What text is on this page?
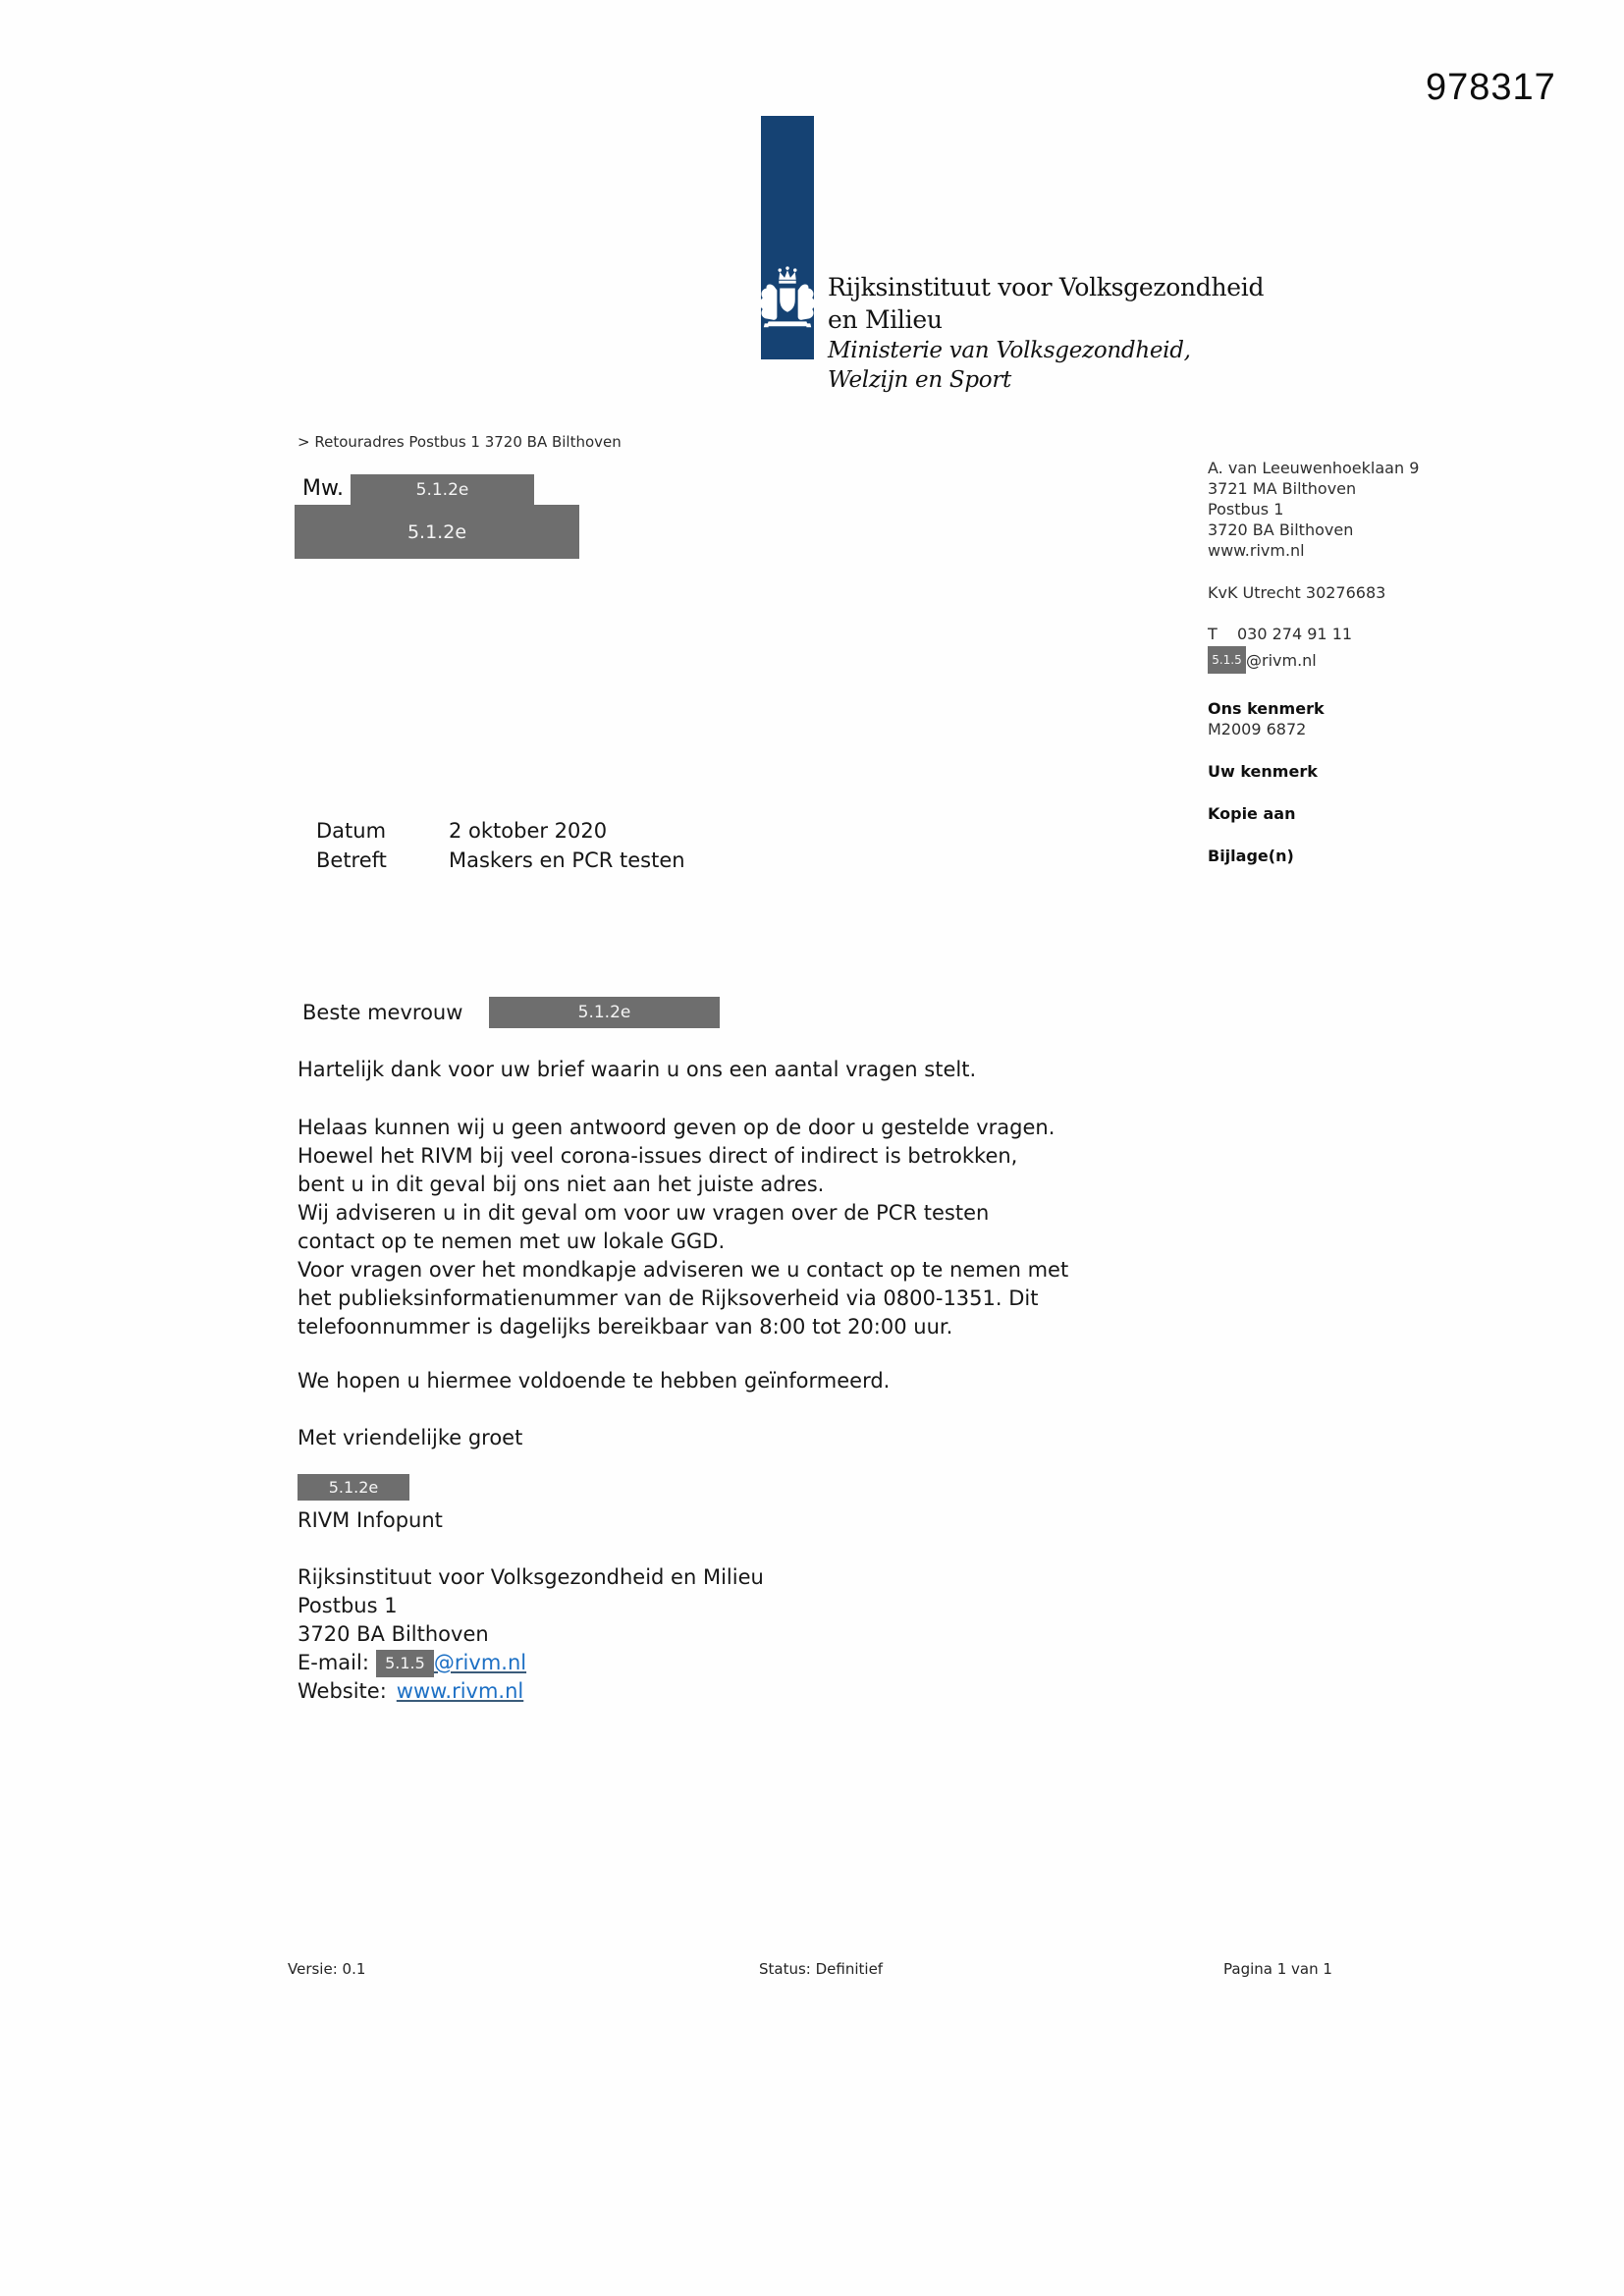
978317
Rijksinstituut voor Volksgezondheid
en Milieu
Ministerie van Volksgezondheid,
Welzijn en Sport
> Retouradres Postbus 1 3720 BA Bilthoven
Mw.	5.1.2e
5.1.2e
A. van Leeuwenhoeklaan 9
3721 MA Bilthoven
Postbus 1
3720 BA Bilthoven
www.rivm.nl
KvK Utrecht 30276683
T 030 274 91 11
5.1.5 @rivm.nl
Ons kenmerk
M2009 6872
Uw kenmerk
Kopie aan
Bijlage(n)
Datum	2 oktober 2020
Betreft	Maskers en PCR testen
Beste mevrouw	5.1.2e
Hartelijk dank voor uw brief waarin u ons een aantal vragen stelt.
Helaas kunnen wij u geen antwoord geven op de door u gestelde vragen.
Hoewel het RIVM bij veel corona-issues direct of indirect is betrokken,
bent u in dit geval bij ons niet aan het juiste adres.
Wij adviseren u in dit geval om voor uw vragen over de PCR testen
contact op te nemen met uw lokale GGD.
Voor vragen over het mondkapje adviseren we u contact op te nemen met
het publieksinformatienummer van de Rijksoverheid via 0800-1351. Dit
telefoonnummer is dagelijks bereikbaar van 8:00 tot 20:00 uur.
We hopen u hiermee voldoende te hebben geïnformeerd.
Met vriendelijke groet
5.1.2e
RIVM Infopunt
Rijksinstituut voor Volksgezondheid en Milieu
Postbus 1
3720 BA Bilthoven
E-mail:	5.1.5 @rivm.nl
Website: www.rivm.nl
Versie: 0.1	Status: Definitief	Pagina 1 van 1
